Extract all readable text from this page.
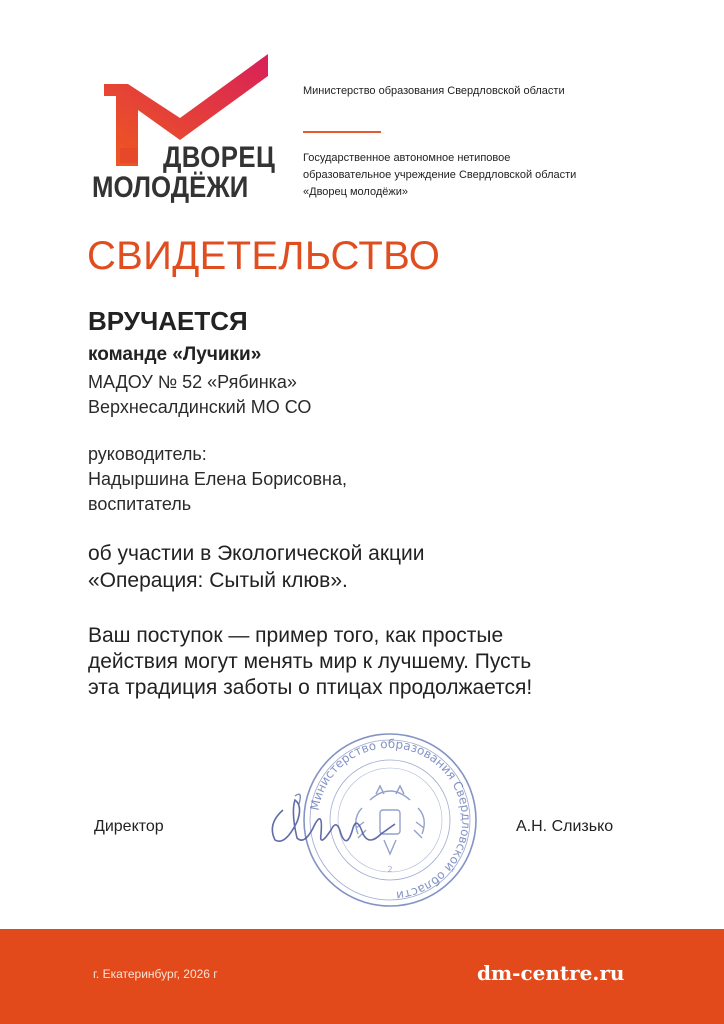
ДВОРЕЦ
МОЛОДЁЖИ
Министерство образования Свердловской области
Государственное автономное нетиповое
образовательное учреждение Свердловской области
«Дворец молодёжи»
СВИДЕТЕЛЬСТВО
ВРУЧАЕТСЯ
команде «Лучики»
МАДОУ № 52 «Рябинка»
Верхнесалдинский МО СО
руководитель:
Надыршина Елена Борисовна,
воспитатель
об участии в Экологической акции
«Операция: Сытый клюв».
Ваш поступок — пример того, как простые
действия могут менять мир к лучшему. Пусть
эта традиция заботы о птицах продолжается!
Министерство образования Свердловской области
2
Директор	А.Н. Слизько
г. Екатеринбург, 2026 г	dm-centre.ru
